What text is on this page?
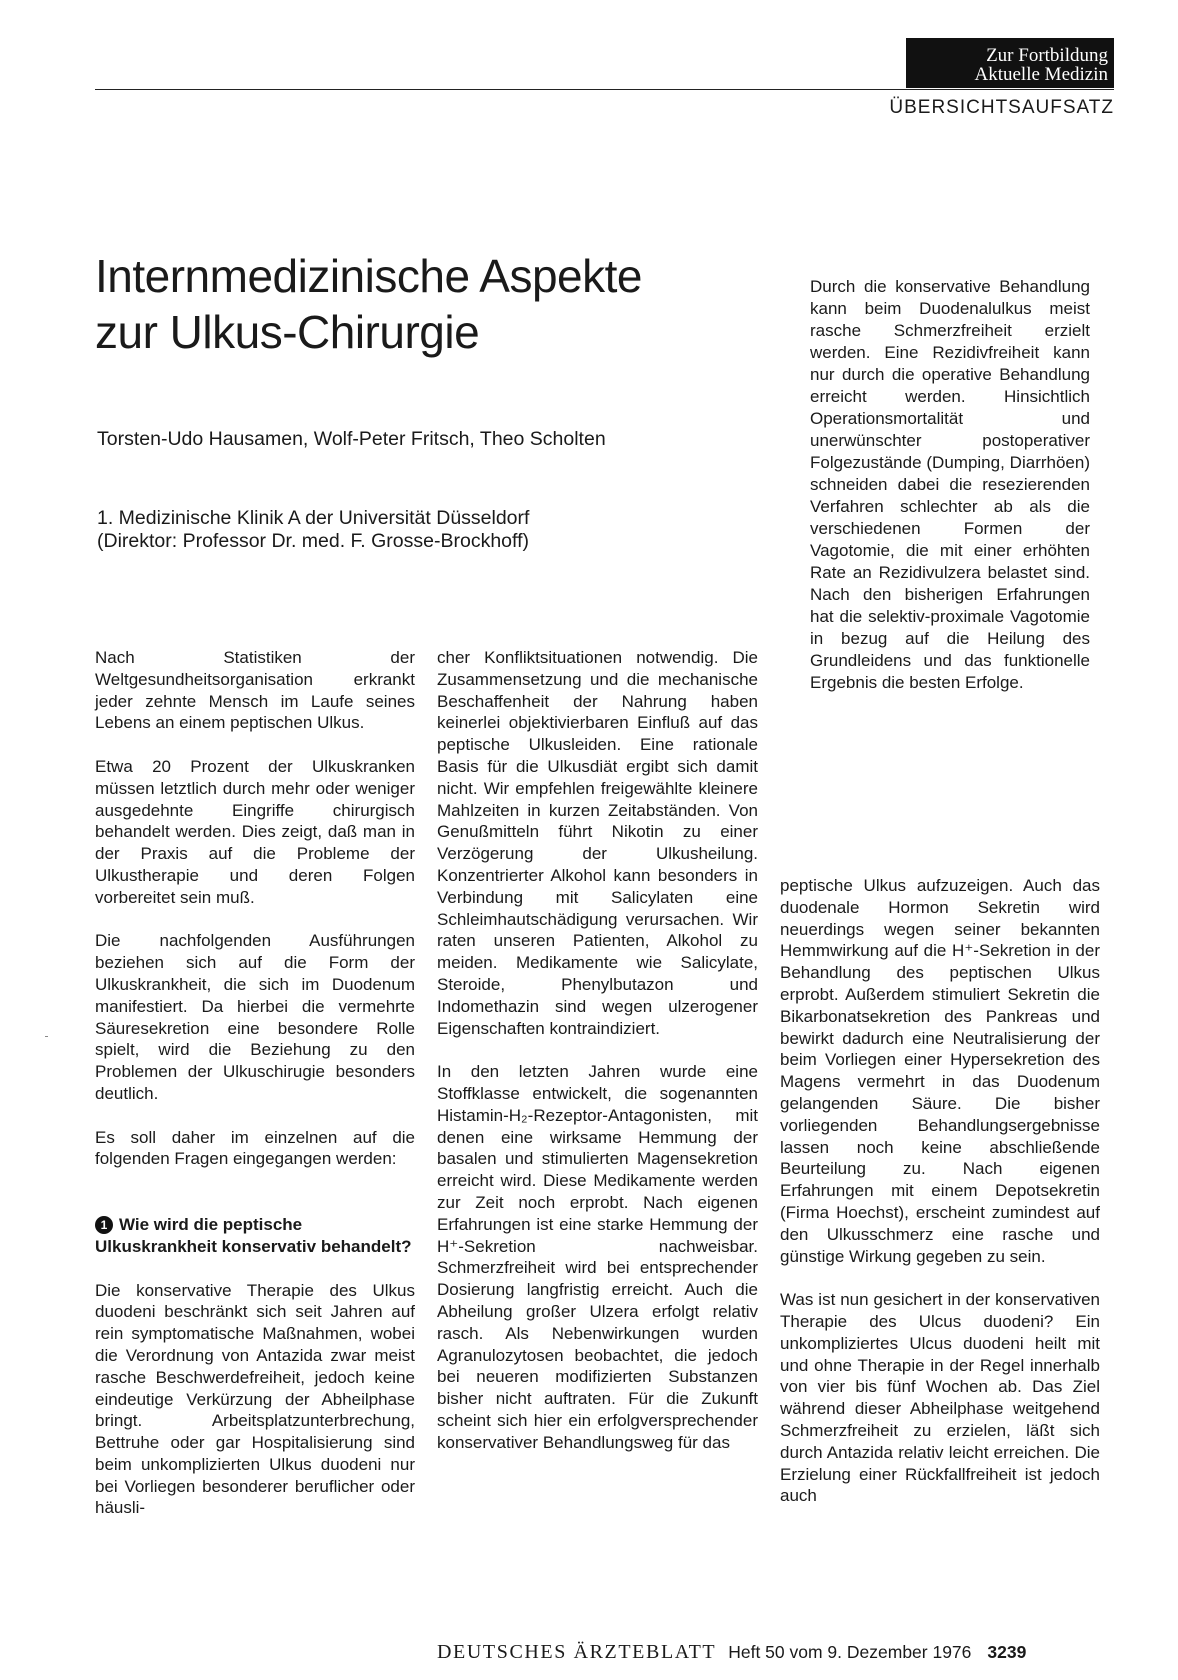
Zur Fortbildung
Aktuelle Medizin
ÜBERSICHTSAUFSATZ
Internmedizinische Aspekte
zur Ulkus-Chirurgie
Torsten-Udo Hausamen, Wolf-Peter Fritsch, Theo Scholten
1. Medizinische Klinik A der Universität Düsseldorf
(Direktor: Professor Dr. med. F. Grosse-Brockhoff)
Durch die konservative Behandlung kann beim Duodenalulkus meist rasche Schmerzfreiheit erzielt werden. Eine Rezidivfreiheit kann nur durch die operative Behandlung erreicht werden. Hinsichtlich Operationsmortalität und unerwünschter postoperativer Folgezustände (Dumping, Diarrhöen) schneiden dabei die resezierenden Verfahren schlechter ab als die verschiedenen Formen der Vagotomie, die mit einer erhöhten Rate an Rezidivulzera belastet sind. Nach den bisherigen Erfahrungen hat die selektiv-proximale Vagotomie in bezug auf die Heilung des Grundleidens und das funktionelle Ergebnis die besten Erfolge.

Nach Statistiken der Weltgesundheitsorganisation erkrankt jeder zehnte Mensch im Laufe seines Lebens an einem peptischen Ulkus.

Etwa 20 Prozent der Ulkuskranken müssen letztlich durch mehr oder weniger ausgedehnte Eingriffe chirurgisch behandelt werden. Dies zeigt, daß man in der Praxis auf die Probleme der Ulkustherapie und deren Folgen vorbereitet sein muß.

Die nachfolgenden Ausführungen beziehen sich auf die Form der Ulkuskrankheit, die sich im Duodenum manifestiert. Da hierbei die vermehrte Säuresekretion eine besondere Rolle spielt, wird die Beziehung zu den Problemen der Ulkuschirugie besonders deutlich.

Es soll daher im einzelnen auf die folgenden Fragen eingegangen werden:

1 Wie wird die peptische Ulkuskrankheit konservativ behandelt?

Die konservative Therapie des Ulkus duodeni beschränkt sich seit Jahren auf rein symptomatische Maßnahmen, wobei die Verordnung von Antazida zwar meist rasche Beschwerdefreiheit, jedoch keine eindeutige Verkürzung der Abheilphase bringt. Arbeitsplatzunterbrechung, Bettruhe oder gar Hospitalisierung sind beim unkomplizierten Ulkus duodeni nur bei Vorliegen besonderer beruflicher oder häusli-

cher Konfliktsituationen notwendig. Die Zusammensetzung und die mechanische Beschaffenheit der Nahrung haben keinerlei objektivierbaren Einfluß auf das peptische Ulkusleiden. Eine rationale Basis für die Ulkusdiät ergibt sich damit nicht. Wir empfehlen freigewählte kleinere Mahlzeiten in kurzen Zeitabständen. Von Genußmitteln führt Nikotin zu einer Verzögerung der Ulkusheilung. Konzentrierter Alkohol kann besonders in Verbindung mit Salicylaten eine Schleimhautschädigung verursachen. Wir raten unseren Patienten, Alkohol zu meiden. Medikamente wie Salicylate, Steroide, Phenylbutazon und Indomethazin sind wegen ulzerogener Eigenschaften kontraindiziert.

In den letzten Jahren wurde eine Stoffklasse entwickelt, die sogenannten Histamin-H₂-Rezeptor-Antagonisten, mit denen eine wirksame Hemmung der basalen und stimulierten Magensekretion erreicht wird. Diese Medikamente werden zur Zeit noch erprobt. Nach eigenen Erfahrungen ist eine starke Hemmung der H⁺-Sekretion nachweisbar. Schmerzfreiheit wird bei entsprechender Dosierung langfristig erreicht. Auch die Abheilung großer Ulzera erfolgt relativ rasch. Als Nebenwirkungen wurden Agranulozytosen beobachtet, die jedoch bei neueren modifizierten Substanzen bisher nicht auftraten. Für die Zukunft scheint sich hier ein erfolgversprechender konservativer Behandlungsweg für das

peptische Ulkus aufzuzeigen. Auch das duodenale Hormon Sekretin wird neuerdings wegen seiner bekannten Hemmwirkung auf die H⁺-Sekretion in der Behandlung des peptischen Ulkus erprobt. Außerdem stimuliert Sekretin die Bikarbonatsekretion des Pankreas und bewirkt dadurch eine Neutralisierung der beim Vorliegen einer Hypersekretion des Magens vermehrt in das Duodenum gelangenden Säure. Die bisher vorliegenden Behandlungsergebnisse lassen noch keine abschließende Beurteilung zu. Nach eigenen Erfahrungen mit einem Depotsekretin (Firma Hoechst), erscheint zumindest auf den Ulkusschmerz eine rasche und günstige Wirkung gegeben zu sein.

Was ist nun gesichert in der konservativen Therapie des Ulcus duodeni? Ein unkompliziertes Ulcus duodeni heilt mit und ohne Therapie in der Regel innerhalb von vier bis fünf Wochen ab. Das Ziel während dieser Abheilphase weitgehend Schmerzfreiheit zu erzielen, läßt sich durch Antazida relativ leicht erreichen. Die Erzielung einer Rückfallfreiheit ist jedoch auch

DEUTSCHES ÄRZTEBLATT Heft 50 vom 9. Dezember 1976 3239
